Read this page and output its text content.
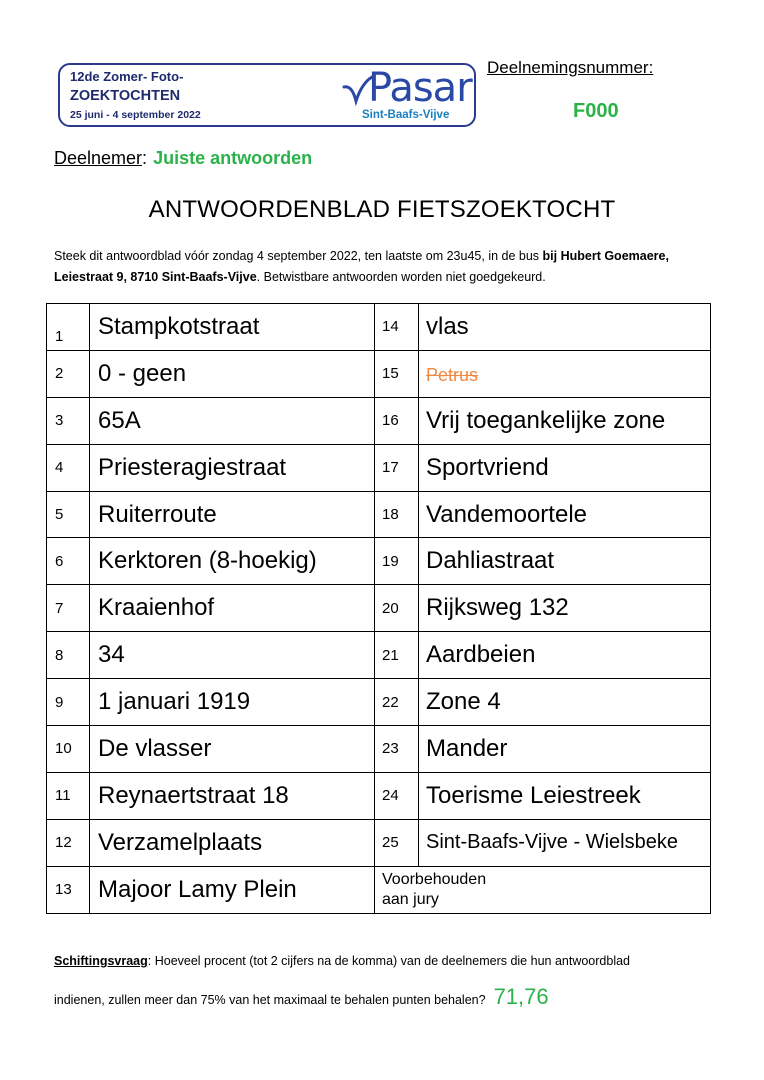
12de Zomer- Foto-
ZOEKTOCHTEN
25 juni - 4 september 2022
Pasar
Sint-Baafs-Vijve
Deelnemingsnummer:
F000
Deelnemer: Juiste antwoorden
ANTWOORDENBLAD FIETSZOEKTOCHT
Steek dit antwoordblad vóór zondag 4 september 2022, ten laatste om 23u45, in de bus bij Hubert Goemaere, Leiestraat 9, 8710 Sint-Baafs-Vijve. Betwistbare antwoorden worden niet goedgekeurd.
1	Stampkotstraat	14	vlas
2	0 - geen	15	Petrus
3	65A	16	Vrij toegankelijke zone
4	Priesteragiestraat	17	Sportvriend
5	Ruiterroute	18	Vandemoortele
6	Kerktoren (8-hoekig)	19	Dahliastraat
7	Kraaienhof	20	Rijksweg 132
8	34	21	Aardbeien
9	1 januari 1919	22	Zone 4
10	De vlasser	23	Mander
11	Reynaertstraat 18	24	Toerisme Leiestreek
12	Verzamelplaats	25	Sint-Baafs-Vijve - Wielsbeke
13	Majoor Lamy Plein	Voorbehouden
aan jury	
Schiftingsvraag: Hoeveel procent (tot 2 cijfers na de komma) van de deelnemers die hun antwoordblad
indienen, zullen meer dan 75% van het maximaal te behalen punten behalen? 71,76
